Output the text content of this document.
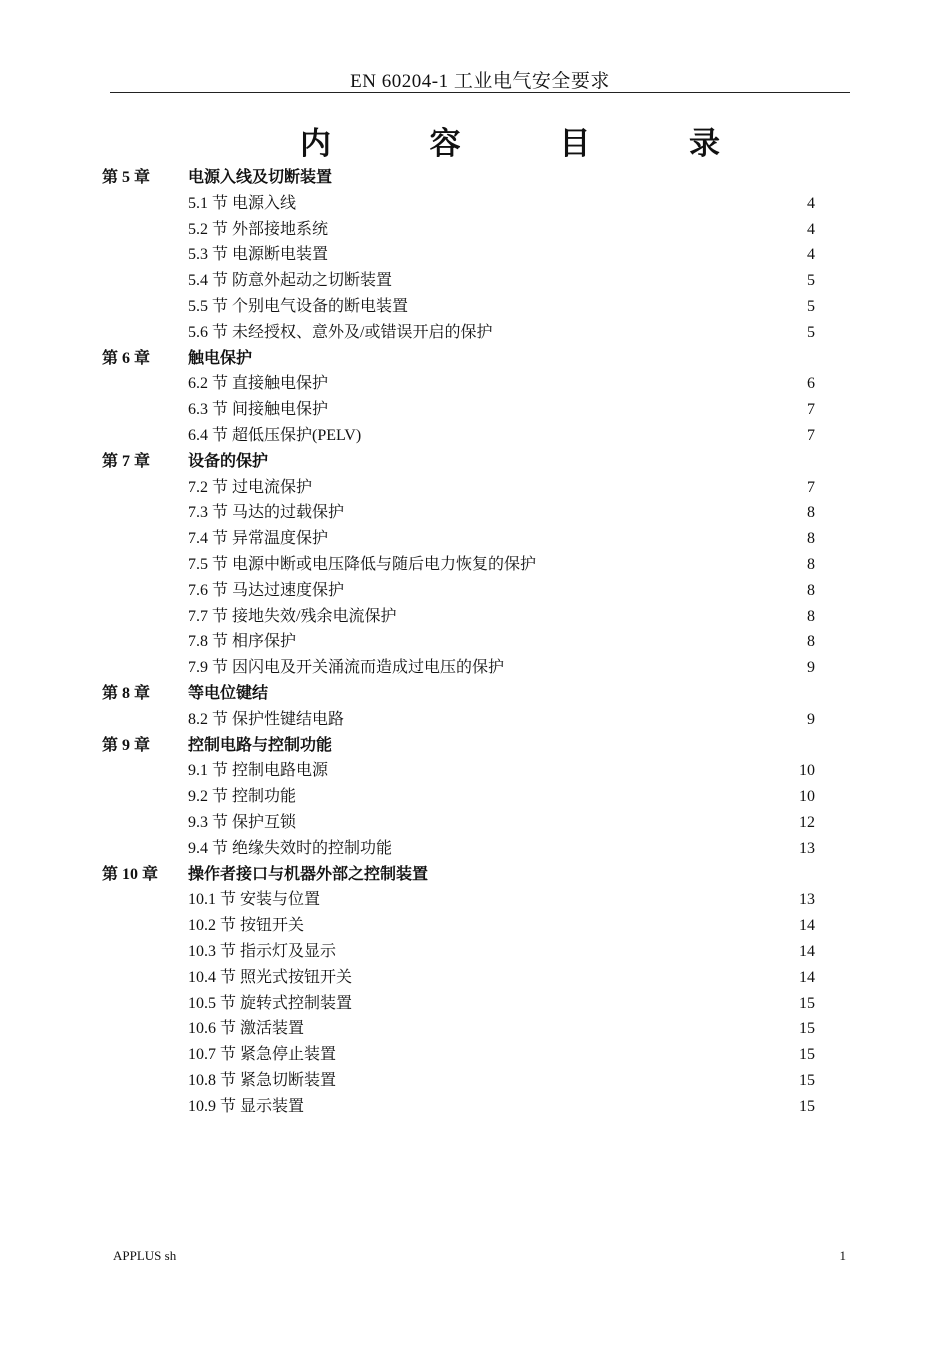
EN 60204-1 工业电气安全要求
内	容	目	录
第 5 章 电源入线及切断装置
5.1 节 电源入线	4
5.2 节 外部接地系统	4
5.3 节 电源断电装置	4
5.4 节 防意外起动之切断装置	5
5.5 节 个别电气设备的断电装置	5
5.6 节 未经授权、意外及/或错误开启的保护	5
第 6 章 触电保护
6.2 节 直接触电保护	6
6.3 节 间接触电保护	7
6.4 节 超低压保护(PELV)	7
第 7 章 设备的保护
7.2 节 过电流保护	7
7.3 节 马达的过载保护	8
7.4 节 异常温度保护	8
7.5 节 电源中断或电压降低与随后电力恢复的保护	8
7.6 节 马达过速度保护	8
7.7 节 接地失效/残余电流保护	8
7.8 节 相序保护	8
7.9 节 因闪电及开关涌流而造成过电压的保护	9
第 8 章 等电位键结
8.2 节 保护性键结电路	9
第 9 章 控制电路与控制功能
9.1 节 控制电路电源	10
9.2 节 控制功能	10
9.3 节 保护互锁	12
9.4 节 绝缘失效时的控制功能	13
第 10 章 操作者接口与机器外部之控制装置
10.1 节 安装与位置	13
10.2 节 按钮开关	14
10.3 节 指示灯及显示	14
10.4 节 照光式按钮开关	14
10.5 节 旋转式控制装置	15
10.6 节 激活装置	15
10.7 节 紧急停止装置	15
10.8 节 紧急切断装置	15
10.9 节 显示装置	15
APPLUS sh	1
